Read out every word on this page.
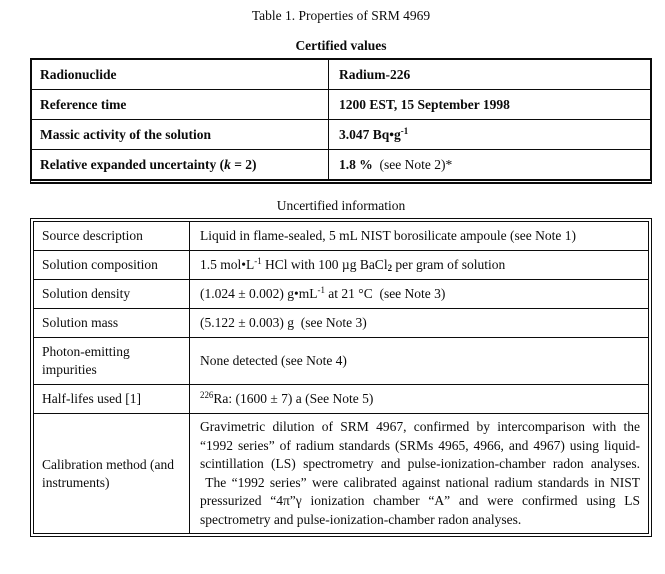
Table 1. Properties of SRM 4969
Certified values
Radionuclide	Radium-226
Reference time	1200 EST, 15 September 1998
Massic activity of the solution	3.047 $Bq•g^{-1}$
Relative expanded uncertainty (k = 2)	1.8 %  (see Note 2)*
Uncertified information
Source description	Liquid in flame-sealed, 5 mL NIST borosilicate ampoule (see Note 1)
Solution composition	1.5 $mol•L^{-1}$ HCl with 100 µg BaCl$_2$ per gram of solution
Solution density	(1.024 ± 0.002) $g•mL^{-1}$ at 21 °C  (see Note 3)
Solution mass	(5.122 ± 0.003) g  (see Note 3)
Photon-emitting impurities	None detected (see Note 4)
Half-lifes used [1]	$^{226}$Ra: (1600 ± 7) a (See Note 5)
Calibration method (and instruments)	Gravimetric dilution of SRM 4967, confirmed by intercomparison with the “1992 series” of radium standards (SRMs 4965, 4966, and 4967) using liquid-scintillation (LS) spectrometry and pulse-ionization-chamber radon analyses.  The “1992 series” were calibrated against national radium standards in NIST pressurized “4π”γ ionization chamber “A” and were confirmed using LS spectrometry and pulse-ionization-chamber radon analyses.
